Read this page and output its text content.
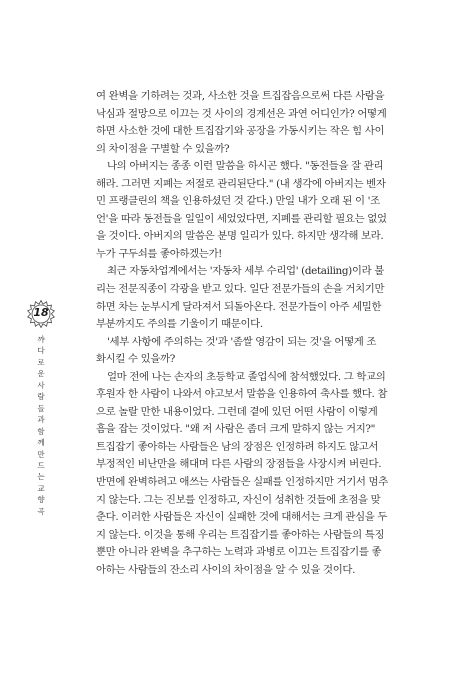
18
꺄
다
로
운
사
람
들
과
함
께
만
드
는
교
향
곡
여 완벽을 기하려는 것과, 사소한 것을 트집잡음으로써 다른 사람을
낙심과 절망으로 이끄는 것 사이의 경계선은 과연 어디인가? 어떻게
하면 사소한 것에 대한 트집잡기와 공장을 가동시키는 작은 힘 사이
의 차이점을 구별할 수 있을까?
나의 아버지는 종종 이런 말씀을 하시곤 했다. "동전들을 잘 관리
해라. 그러면 지폐는 저절로 관리된단다." (내 생각에 아버지는 벤자
민 프랭클린의 책을 인용하셨던 것 같다.) 만일 내가 오래 된 이 '조
언'을 따라 동전들을 일일이 세었었다면, 지폐를 관리할 필요는 없었
을 것이다. 아버지의 말씀은 분명 일리가 있다. 하지만 생각해 보라.
누가 구두쇠를 좋아하겠는가!
최근 자동차업계에서는 '자동차 세부 수리업' (detailing)이라 불
리는 전문직종이 각광을 받고 있다. 일단 전문가들의 손을 거치기만
하면 차는 눈부시게 달라져서 되돌아온다. 전문가들이 아주 세밀한
부분까지도 주의를 기울이기 때문이다.
'세부 사항에 주의하는 것'과 '좀쌀 영감이 되는 것'을 어떻게 조
화시킬 수 있을까?
얼마 전에 나는 손자의 초등학교 졸업식에 참석했었다. 그 학교의
후원자 한 사람이 나와서 야고보서 말씀을 인용하여 축사를 했다. 참
으로 놀랄 만한 내용이었다. 그런데 곁에 있던 어떤 사람이 이렇게
흠을 잡는 것이었다. "왜 저 사람은 좀더 크게 말하지 않는 거지?"
트집잡기 좋아하는 사람들은 남의 장점은 인정하려 하지도 않고서
부정적인 비난만을 해대며 다른 사람의 장점들을 사장시켜 버린다.
반면에 완벽하려고 애쓰는 사람들은 실패를 인정하지만 거기서 멈추
지 않는다. 그는 진보를 인정하고, 자신이 성취한 것들에 초점을 맞
춘다. 이러한 사람들은 자신이 실패한 것에 대해서는 크게 관심을 두
지 않는다. 이것을 통해 우리는 트집잡기를 좋아하는 사람들의 특징
뿐만 아니라 완벽을 추구하는 노력과 과병로 이끄는 트집잡기를 좋
아하는 사람들의 잔소리 사이의 차이점을 알 수 있을 것이다.
